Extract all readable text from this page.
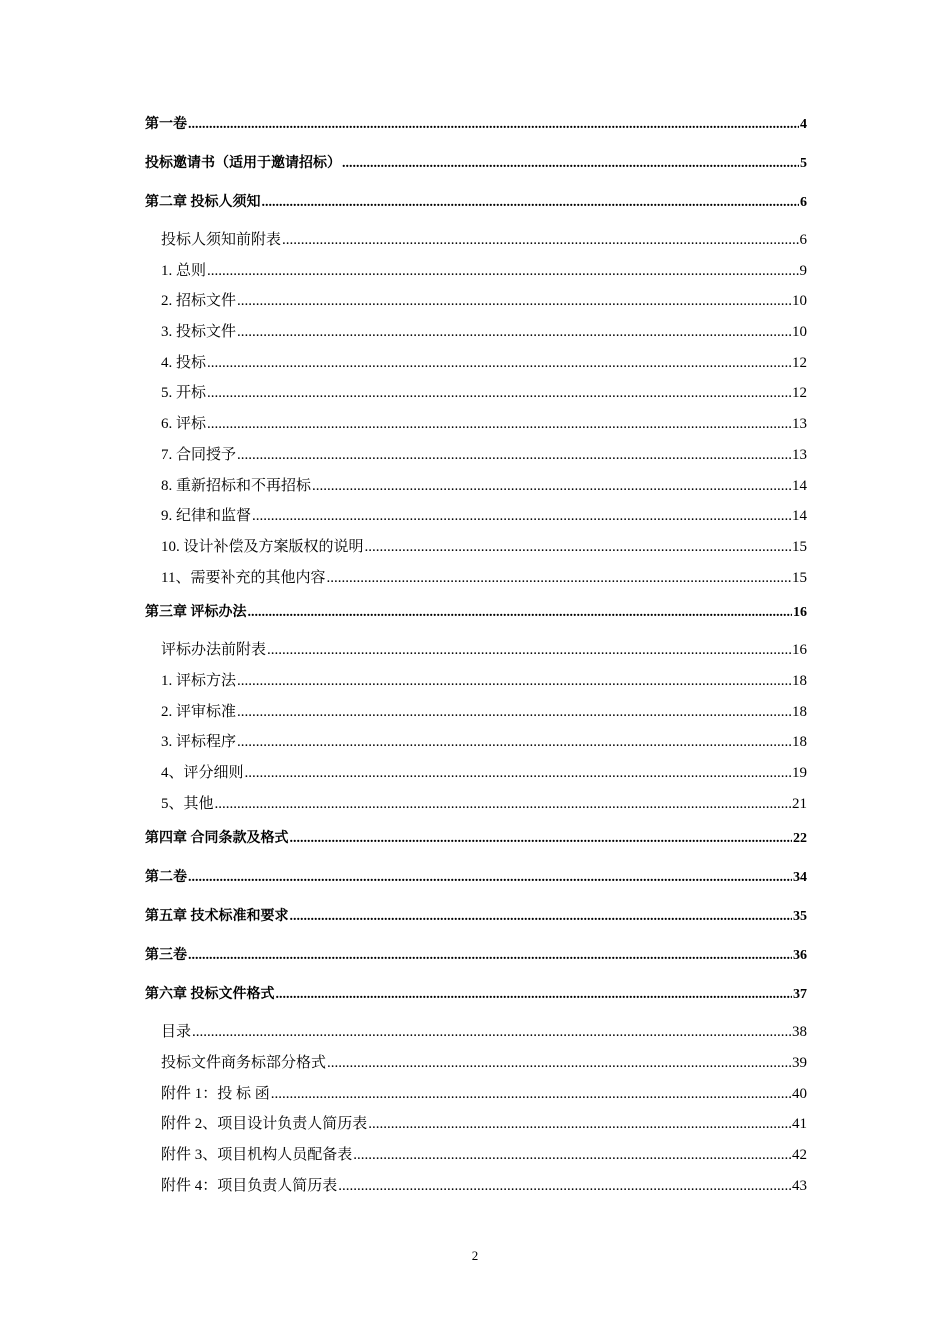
第一卷 .....	4
投标邀请书（适用于邀请招标） .....	5
第二章 投标人须知 .....	6
投标人须知前附表 .....	6
1. 总则 .....	9
2. 招标文件 .....	10
3. 投标文件 .....	10
4. 投标 .....	12
5. 开标 .....	12
6. 评标 .....	13
7. 合同授予 .....	13
8. 重新招标和不再招标 .....	14
9. 纪律和监督 .....	14
10. 设计补偿及方案版权的说明 .....	15
11、需要补充的其他内容 .....	15
第三章 评标办法 .....	16
评标办法前附表 .....	16
1. 评标方法 .....	18
2. 评审标准 .....	18
3. 评标程序 .....	18
4、评分细则 .....	19
5、其他 .....	21
第四章 合同条款及格式 .....	22
第二卷 .....	34
第五章 技术标准和要求 .....	35
第三卷 .....	36
第六章 投标文件格式 .....	37
目录 .....	38
投标文件商务标部分格式 .....	39
附件 1：投 标 函 .....	40
附件 2、项目设计负责人简历表 .....	41
附件 3、项目机构人员配备表 .....	42
附件 4：项目负责人简历表 .....	43
2
